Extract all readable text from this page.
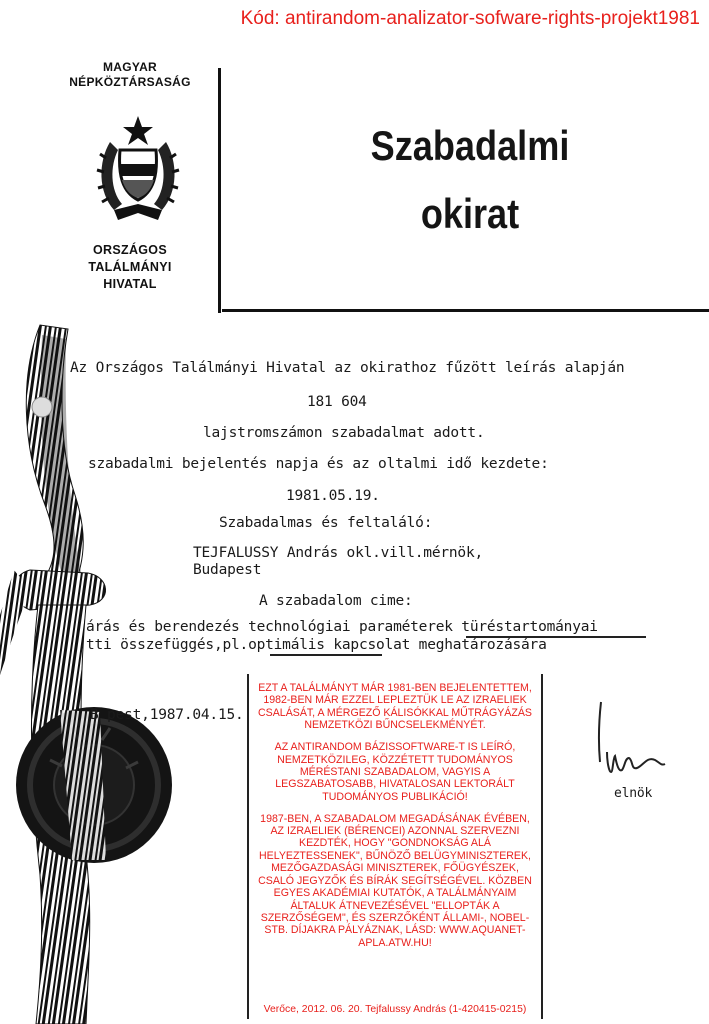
Kód: antirandom-analizator-sofware-rights-projekt1981
MAGYAR
NÉPKÖZTÁRSASÁG
ORSZÁGOS
TALÁLMÁNYI
HIVATAL
Szabadalmi
okirat
Az Országos Találmányi Hivatal az okirathoz fűzött leírás alapján
181 604
lajstromszámon szabadalmat adott.
szabadalmi bejelentés napja és az oltalmi idő kezdete:
1981.05.19.
Szabadalmas és feltaláló:
TEJFALUSSY András okl.vill.mérnök,
Budapest
A szabadalom cime:
árás és berendezés technológiai paraméterek türéstartományai
tti összefüggés,pl.optimális kapcsolat meghatározására
B pest,1987.04.15.
elnök

EZT A TALÁLMÁNYT MÁR 1981-BEN BEJELENTETTEM, 1982-BEN MÁR EZZEL LEPLEZTÜK LE AZ IZRAELIEK CSALÁSÁT, A MÉRGEZŐ KÁLISÓKKAL MŰTRÁGYÁZÁS NEMZETKÖZI BŰNCSELEKMÉNYÉT.

AZ ANTIRANDOM BÁZISSOFTWARE-T IS LEÍRÓ, NEMZETKÖZILEG, KÖZZÉTETT TUDOMÁNYOS MÉRÉSTANI SZABADALOM, VAGYIS A LEGSZABATOSABB, HIVATALOSAN LEKTORÁLT TUDOMÁNYOS PUBLIKÁCIÓ!

1987-BEN, A SZABADALOM MEGADÁSÁNAK ÉVÉBEN, AZ IZRAELIEK (BÉRENCEI) AZONNAL SZERVEZNI KEZDTÉK, HOGY "GONDNOKSÁG ALÁ HELYEZTESSENEK", BŰNÖZŐ BELÜGYMINISZTEREK, MEZŐGAZDASÁGI MINISZTEREK, FŐÜGYÉSZEK, CSALÓ JEGYZŐK ÉS BÍRÁK SEGÍTSÉGÉVEL. KÖZBEN EGYES AKADÉMIAI KUTATÓK, A TALÁLMÁNYAIM ÁLTALUK ÁTNEVEZÉSÉVEL "ELLOPTÁK A SZERZŐSÉGEM", ÉS SZERZŐKÉNT ÁLLAMI-, NOBEL- STB. DÍJAKRA PÁLYÁZNAK, LÁSD: WWW.AQUANET-APLA.ATW.HU!

Verőce, 2012. 06. 20. Tejfalussy András (1-420415-0215)
